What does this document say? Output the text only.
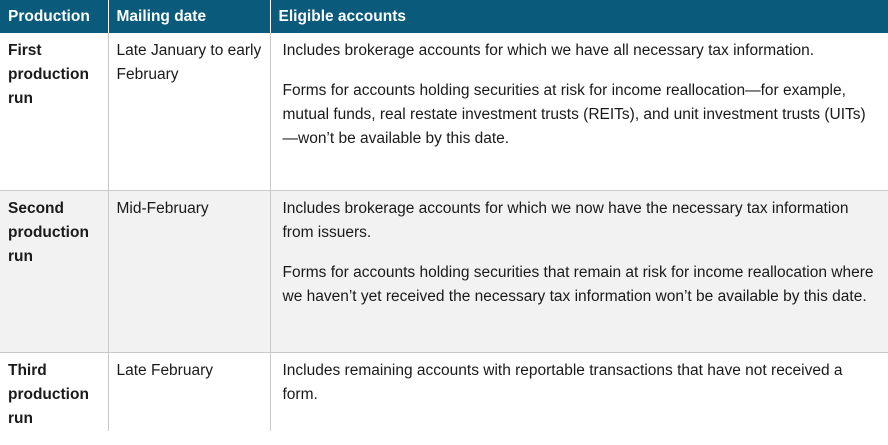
Production	Mailing date	Eligible accounts
First production run	Late January to early February	Includes brokerage accounts for which we have all necessary tax information.

Forms for accounts holding securities at risk for income reallocation—for example, mutual funds, real restate investment trusts (REITs), and unit investment trusts (UITs)—won’t be available by this date.

Second production run	Mid-February	Includes brokerage accounts for which we now have the necessary tax information from issuers.

Forms for accounts holding securities that remain at risk for income reallocation where we haven’t yet received the necessary tax information won’t be available by this date.

Third production run	Late February	Includes remaining accounts with reportable transactions that have not received a form.
